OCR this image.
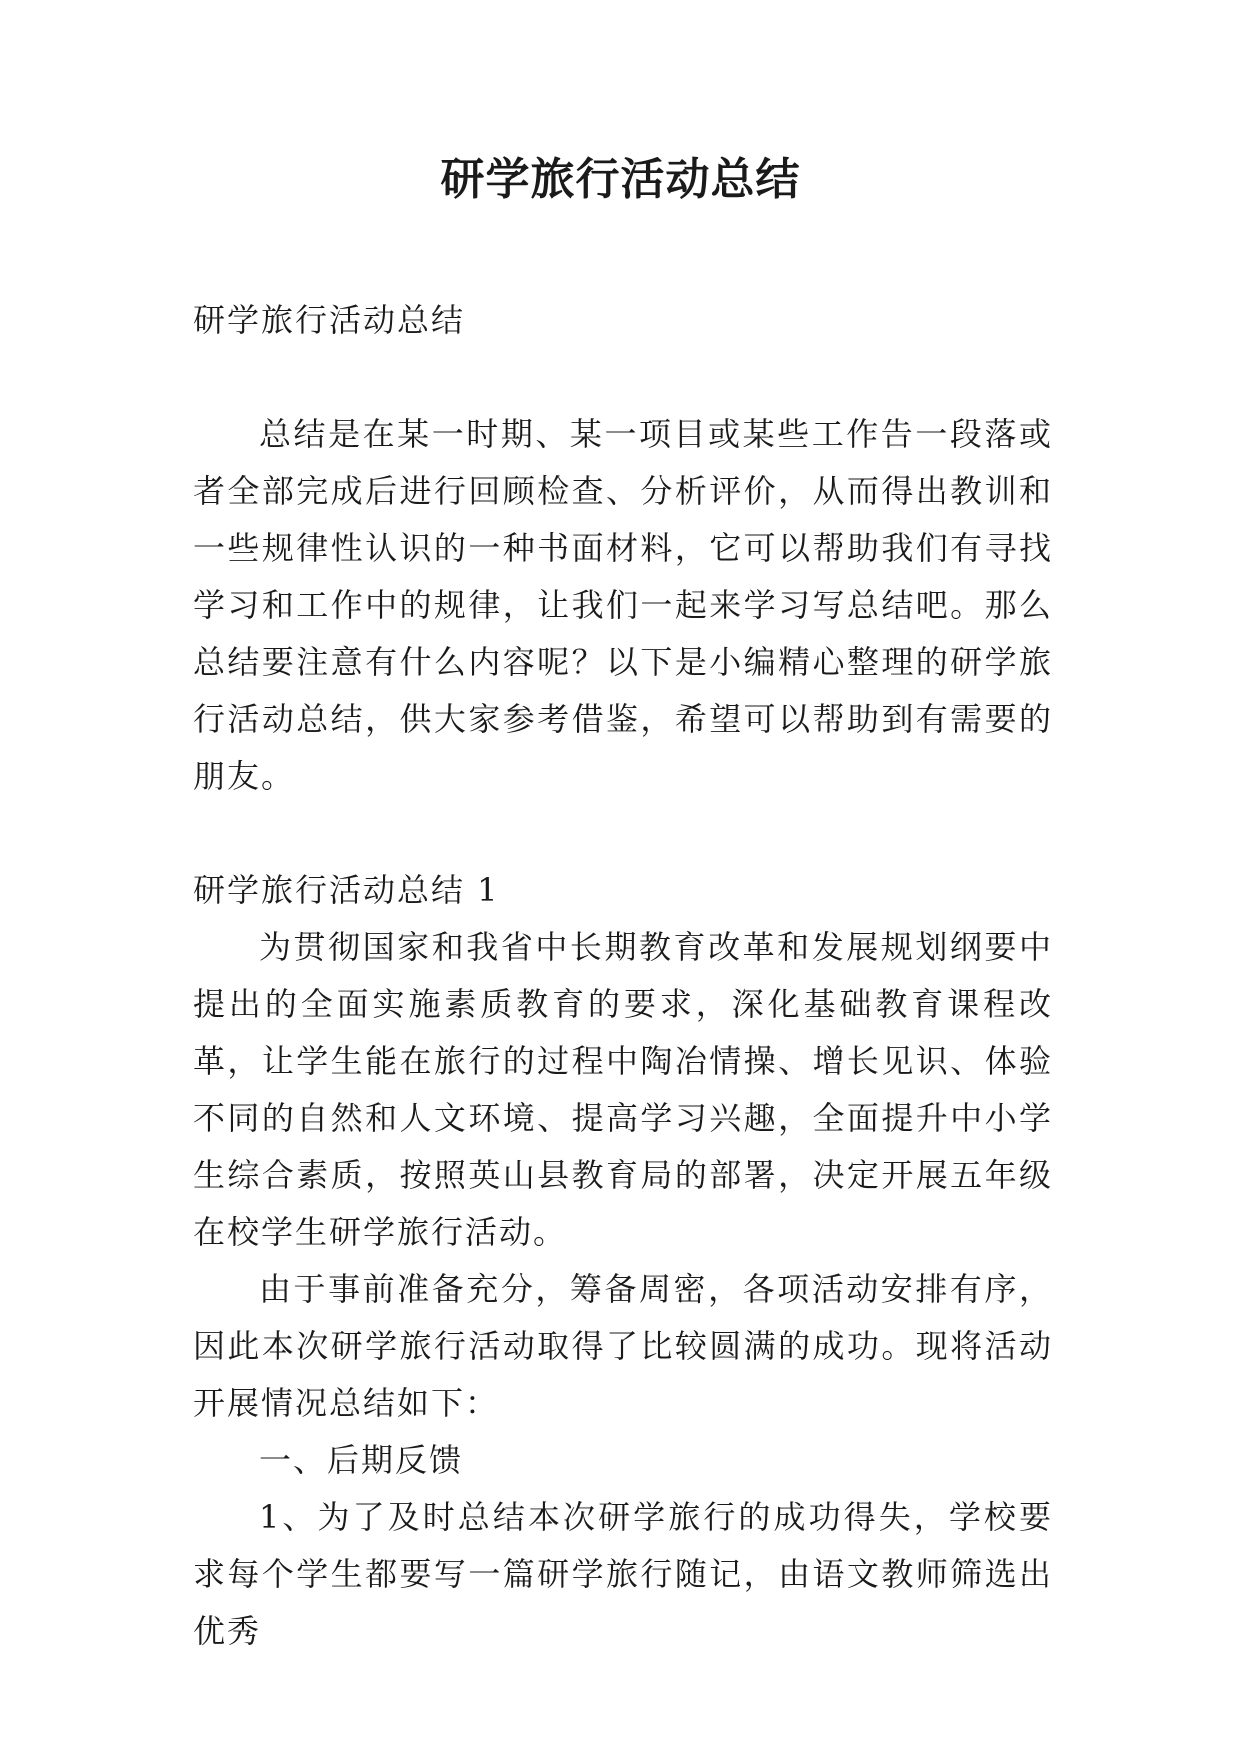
研学旅行活动总结

研学旅行活动总结

总结是在某一时期、某一项目或某些工作告一段落或者全部完成后进行回顾检查、分析评价，从而得出教训和一些规律性认识的一种书面材料，它可以帮助我们有寻找学习和工作中的规律，让我们一起来学习写总结吧。那么总结要注意有什么内容呢？以下是小编精心整理的研学旅行活动总结，供大家参考借鉴，希望可以帮助到有需要的朋友。

研学旅行活动总结 1

为贯彻国家和我省中长期教育改革和发展规划纲要中提出的全面实施素质教育的要求，深化基础教育课程改革，让学生能在旅行的过程中陶冶情操、增长见识、体验不同的自然和人文环境、提高学习兴趣，全面提升中小学生综合素质，按照英山县教育局的部署，决定开展五年级在校学生研学旅行活动。

由于事前准备充分，筹备周密，各项活动安排有序，因此本次研学旅行活动取得了比较圆满的成功。现将活动开展情况总结如下：

一、后期反馈

1、为了及时总结本次研学旅行的成功得失，学校要求每个学生都要写一篇研学旅行随记，由语文教师筛选出优秀
